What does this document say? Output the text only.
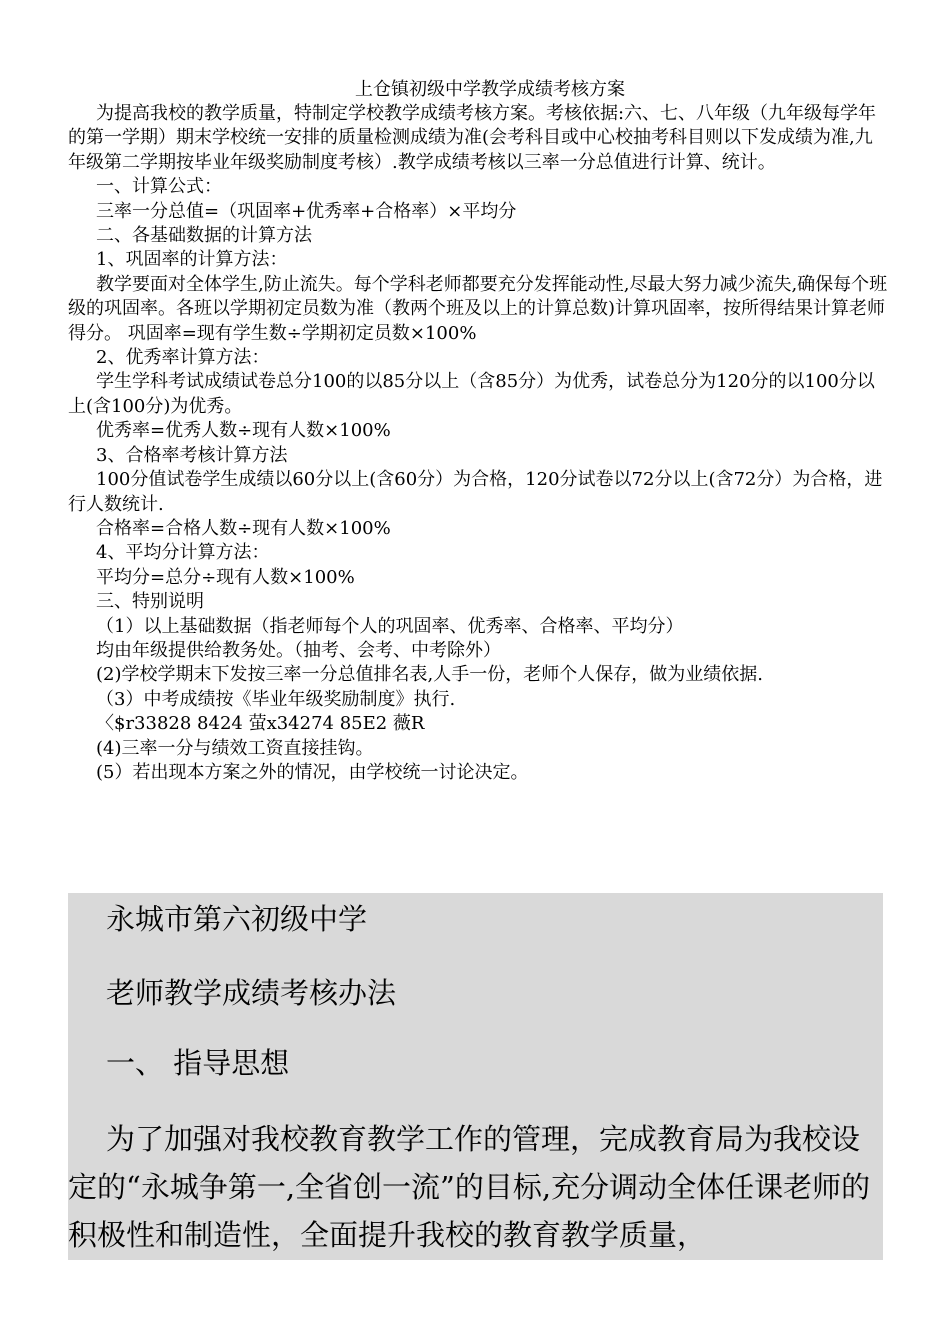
上仓镇初级中学教学成绩考核方案

为提高我校的教学质量，特制定学校教学成绩考核方案。考核依据:六、七、八年级（九年级每学年的第一学期）期末学校统一安排的质量检测成绩为准(会考科目或中心校抽考科目则以下发成绩为准,九年级第二学期按毕业年级奖励制度考核）.教学成绩考核以三率一分总值进行计算、统计。

一、计算公式：

三率一分总值=（巩固率+优秀率+合格率）×平均分

二、各基础数据的计算方法

1、巩固率的计算方法：

教学要面对全体学生,防止流失。每个学科老师都要充分发挥能动性,尽最大努力减少流失,确保每个班级的巩固率。各班以学期初定员数为准（教两个班及以上的计算总数)计算巩固率，按所得结果计算老师得分。 巩固率=现有学生数÷学期初定员数×100%

2、优秀率计算方法：

学生学科考试成绩试卷总分100的以85分以上（含85分）为优秀，试卷总分为120分的以100分以上(含100分)为优秀。

优秀率=优秀人数÷现有人数×100%

3、合格率考核计算方法

100分值试卷学生成绩以60分以上(含60分）为合格，120分试卷以72分以上(含72分）为合格，进行人数统计.

合格率=合格人数÷现有人数×100%

4、平均分计算方法：

平均分=总分÷现有人数×100%

三、特别说明

（1）以上基础数据（指老师每个人的巩固率、优秀率、合格率、平均分）

均由年级提供给教务处。（抽考、会考、中考除外）

(2)学校学期末下发按三率一分总值排名表,人手一份，老师个人保存，做为业绩依据.

（3）中考成绩按《毕业年级奖励制度》执行.

〈$r33828 8424 萤x34274 85E2 薇R

(4)三率一分与绩效工资直接挂钩。

(5）若出现本方案之外的情况，由学校统一讨论决定。

永城市第六初级中学
老师教学成绩考核办法
一、 指导思想

为了加强对我校教育教学工作的管理，完成教育局为我校设定的“永城争第一,全省创一流”的目标,充分调动全体任课老师的积极性和制造性，全面提升我校的教育教学质量，
